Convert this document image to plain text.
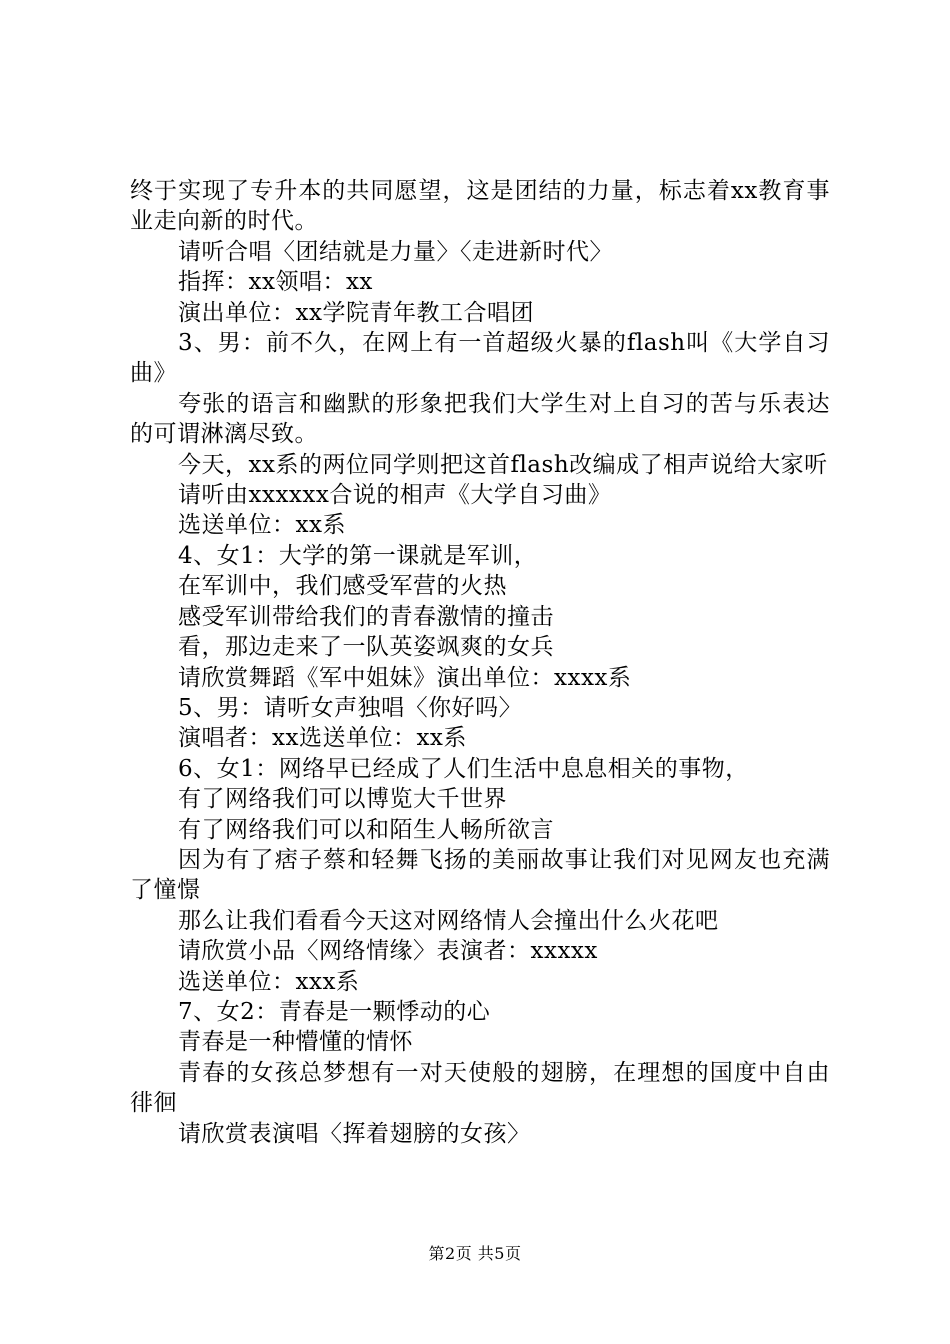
终于实现了专升本的共同愿望，这是团结的力量，标志着xx教育事业走向新的时代。

请听合唱〈团结就是力量〉〈走进新时代〉

指挥：xx领唱：xx

演出单位：xx学院青年教工合唱团

3、男：前不久，在网上有一首超级火暴的flash叫《大学自习曲》

夸张的语言和幽默的形象把我们大学生对上自习的苦与乐表达的可谓淋漓尽致。

今天，xx系的两位同学则把这首flash改编成了相声说给大家听

请听由xxxxxx合说的相声《大学自习曲》

选送单位：xx系

4、女1：大学的第一课就是军训，

在军训中，我们感受军营的火热

感受军训带给我们的青春激情的撞击

看，那边走来了一队英姿飒爽的女兵

请欣赏舞蹈《军中姐妹》演出单位：xxxx系

5、男：请听女声独唱〈你好吗〉

演唱者：xx选送单位：xx系

6、女1：网络早已经成了人们生活中息息相关的事物，

有了网络我们可以博览大千世界

有了网络我们可以和陌生人畅所欲言

因为有了痞子蔡和轻舞飞扬的美丽故事让我们对见网友也充满了憧憬

那么让我们看看今天这对网络情人会撞出什么火花吧

请欣赏小品〈网络情缘〉表演者：xxxxx

选送单位：xxx系

7、女2：青春是一颗悸动的心

青春是一种懵懂的情怀

青春的女孩总梦想有一对天使般的翅膀，在理想的国度中自由徘徊

请欣赏表演唱〈挥着翅膀的女孩〉

第2页 共5页
